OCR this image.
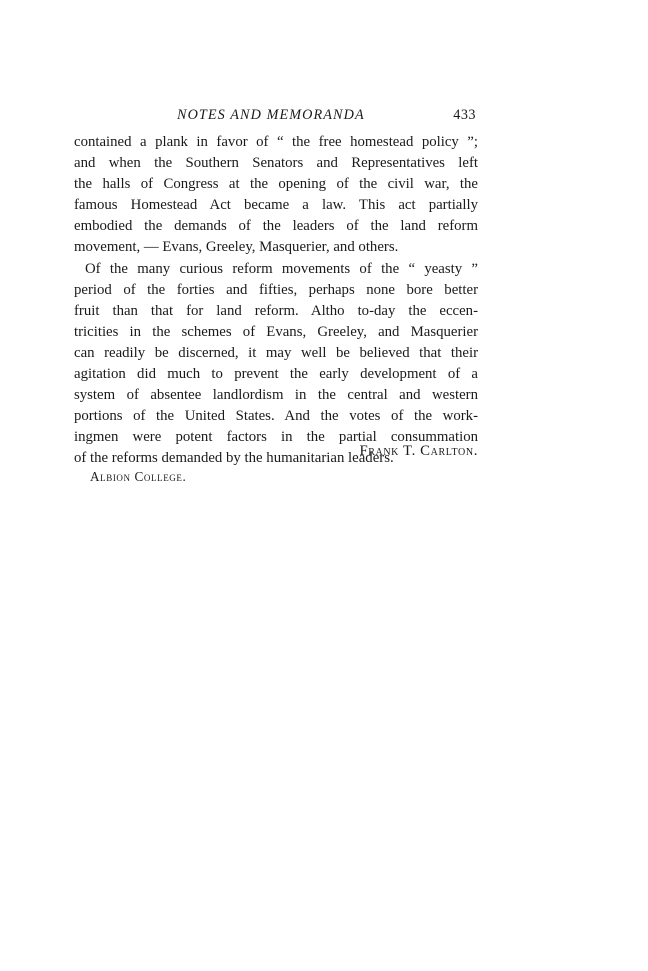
NOTES AND MEMORANDA	433
contained a plank in favor of “ the free homestead policy ”;
and when the Southern Senators and Representatives left
the halls of Congress at the opening of the civil war, the
famous Homestead Act became a law. This act partially
embodied the demands of the leaders of the land reform
movement, — Evans, Greeley, Masquerier, and others.
Of the many curious reform movements of the “ yeasty ”
period of the forties and fifties, perhaps none bore better
fruit than that for land reform. Altho to-day the eccen-
tricities in the schemes of Evans, Greeley, and Masquerier
can readily be discerned, it may well be believed that their
agitation did much to prevent the early development of a
system of absentee landlordism in the central and western
portions of the United States. And the votes of the work-
ingmen were potent factors in the partial consummation
of the reforms demanded by the humanitarian leaders.
Frank T. Carlton.
Albion College.
